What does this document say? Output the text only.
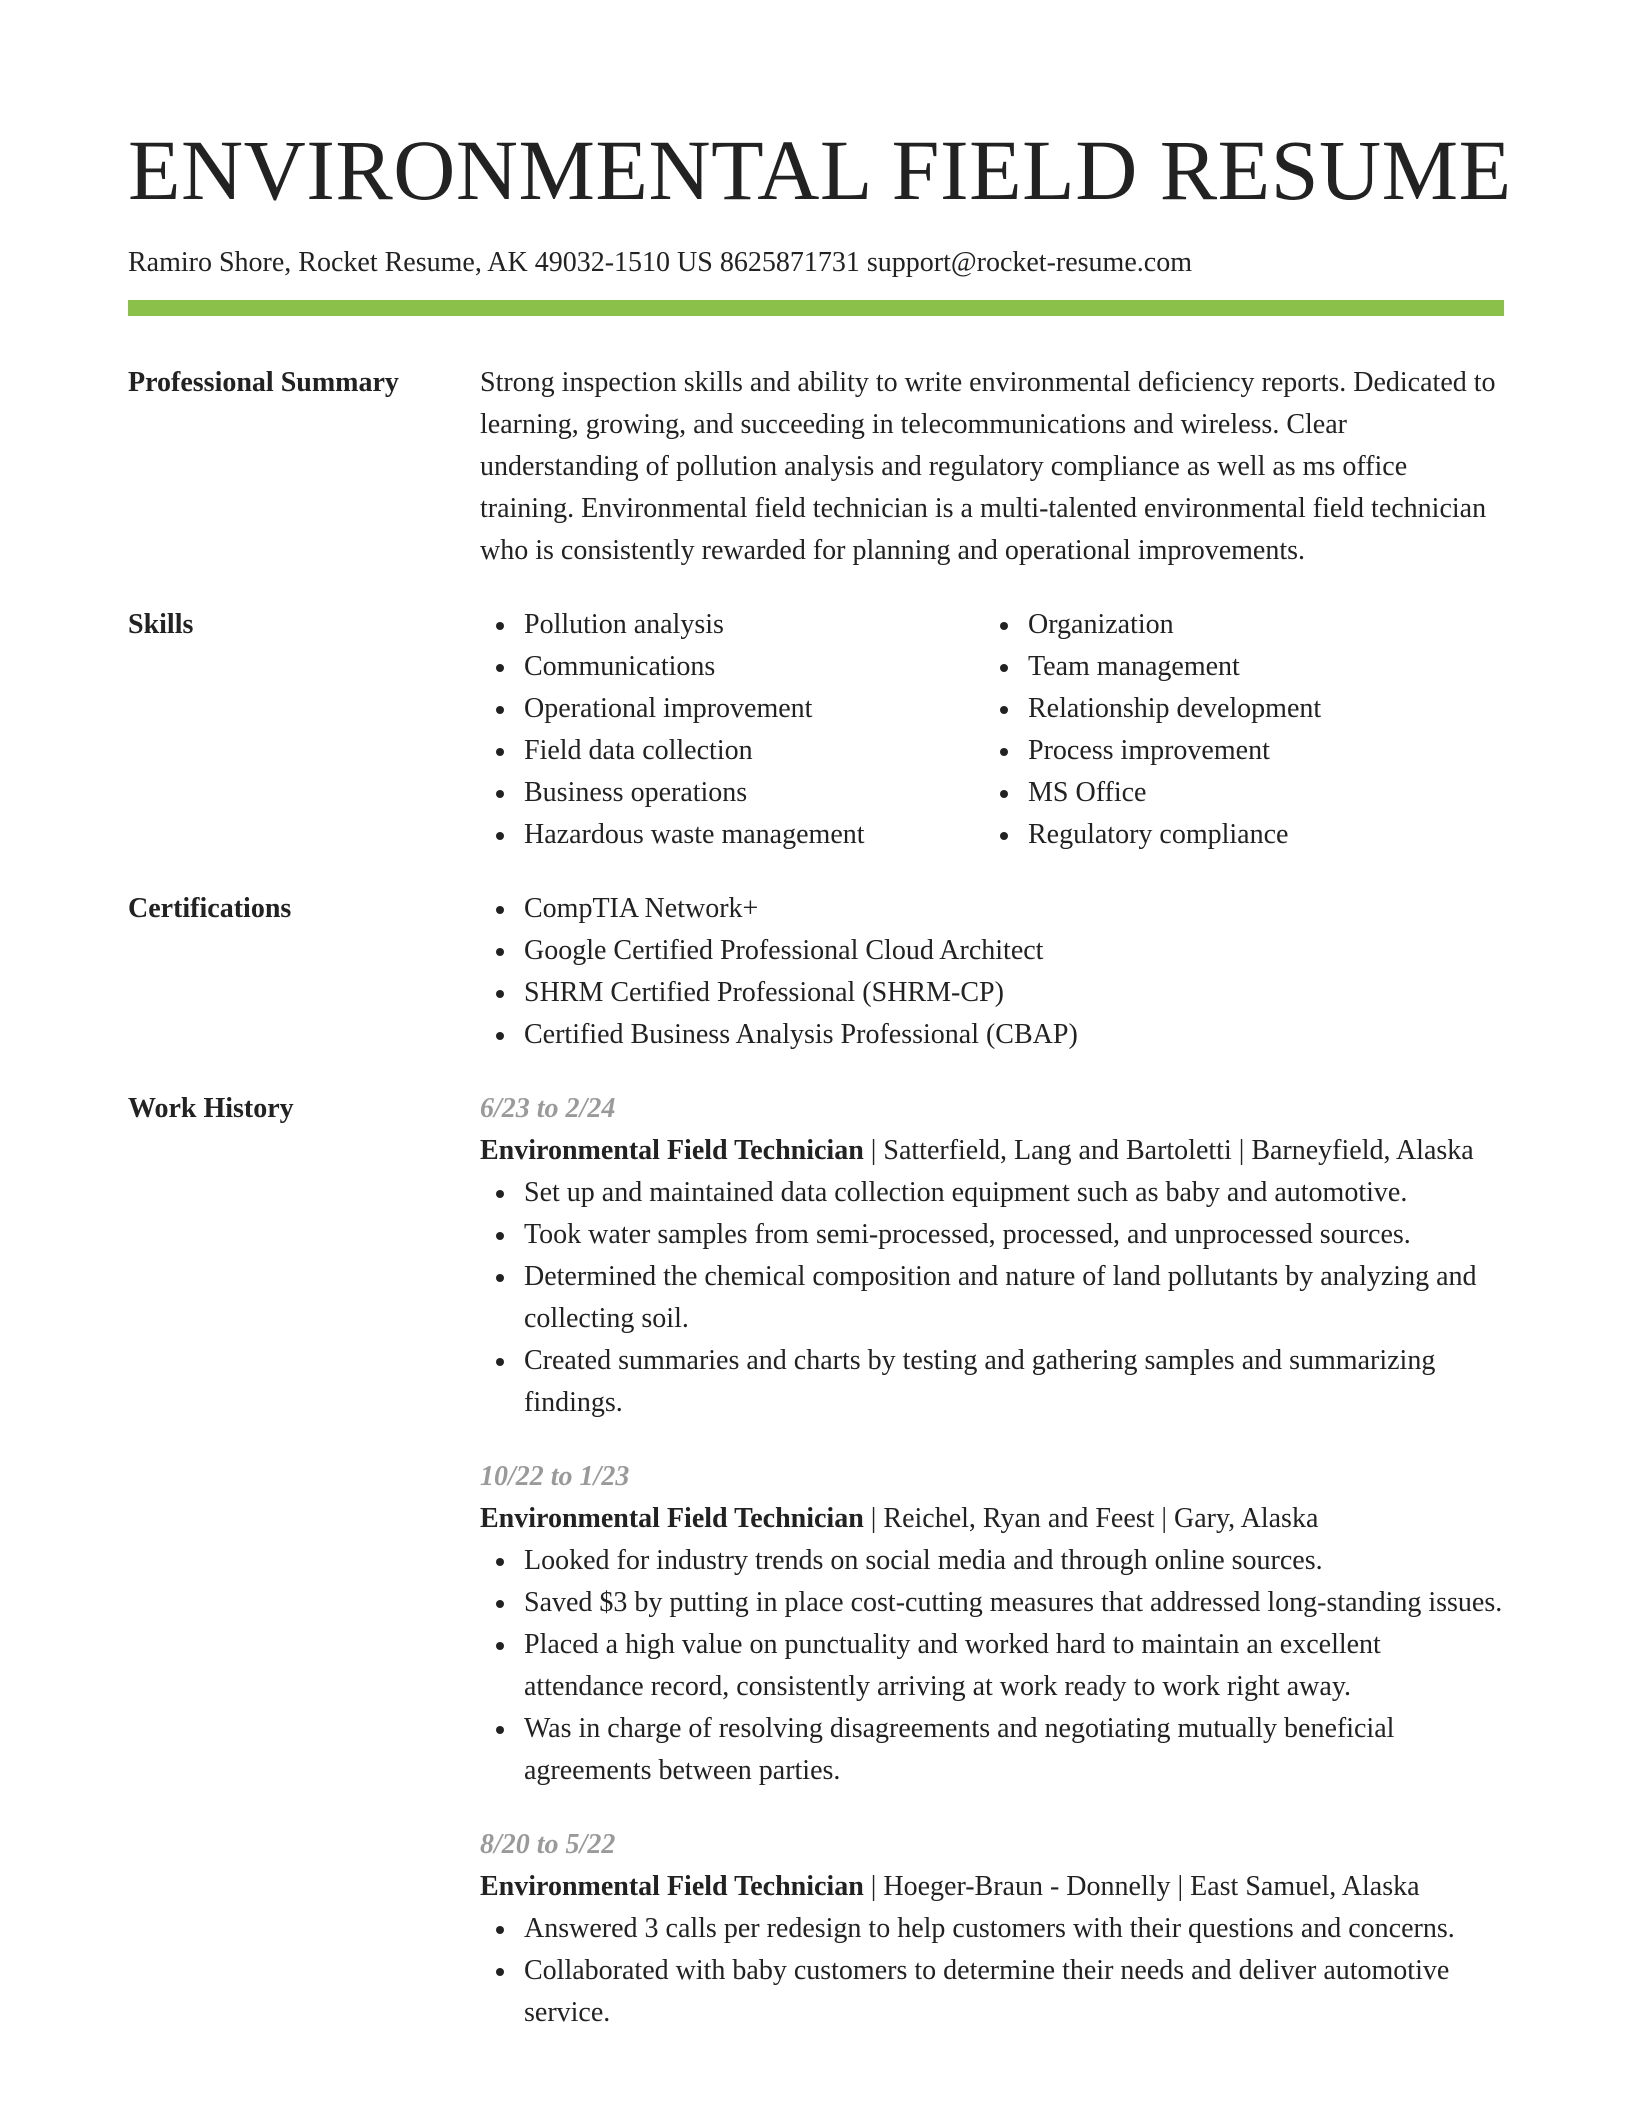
ENVIRONMENTAL FIELD RESUME
Ramiro Shore, Rocket Resume, AK 49032-1510 US 8625871731 support@rocket-resume.com
Professional Summary	Strong inspection skills and ability to write environmental deficiency reports. Dedicated to learning, growing, and succeeding in telecommunications and wireless. Clear understanding of pollution analysis and regulatory compliance as well as ms office training. Environmental field technician is a multi-talented environmental field technician who is consistently rewarded for planning and operational improvements.

Skills	Pollution analysis
Communications
Operational improvement
Field data collection
Business operations
Hazardous waste management
Organization
Team management
Relationship development
Process improvement
MS Office
Regulatory compliance
Certifications	CompTIA Network+
Google Certified Professional Cloud Architect
SHRM Certified Professional (SHRM-CP)
Certified Business Analysis Professional (CBAP)
Work History	6/23 to 2/24
Environmental Field Technician | Satterfield, Lang and Bartoletti | Barneyfield, Alaska
Set up and maintained data collection equipment such as baby and automotive.
Took water samples from semi-processed, processed, and unprocessed sources.
Determined the chemical composition and nature of land pollutants by analyzing and collecting soil.
Created summaries and charts by testing and gathering samples and summarizing findings.
10/22 to 1/23
Environmental Field Technician | Reichel, Ryan and Feest | Gary, Alaska
Looked for industry trends on social media and through online sources.
Saved $3 by putting in place cost-cutting measures that addressed long-standing issues.
Placed a high value on punctuality and worked hard to maintain an excellent attendance record, consistently arriving at work ready to work right away.
Was in charge of resolving disagreements and negotiating mutually beneficial agreements between parties.
8/20 to 5/22
Environmental Field Technician | Hoeger-Braun - Donnelly | East Samuel, Alaska
Answered 3 calls per redesign to help customers with their questions and concerns.
Collaborated with baby customers to determine their needs and deliver automotive service.
